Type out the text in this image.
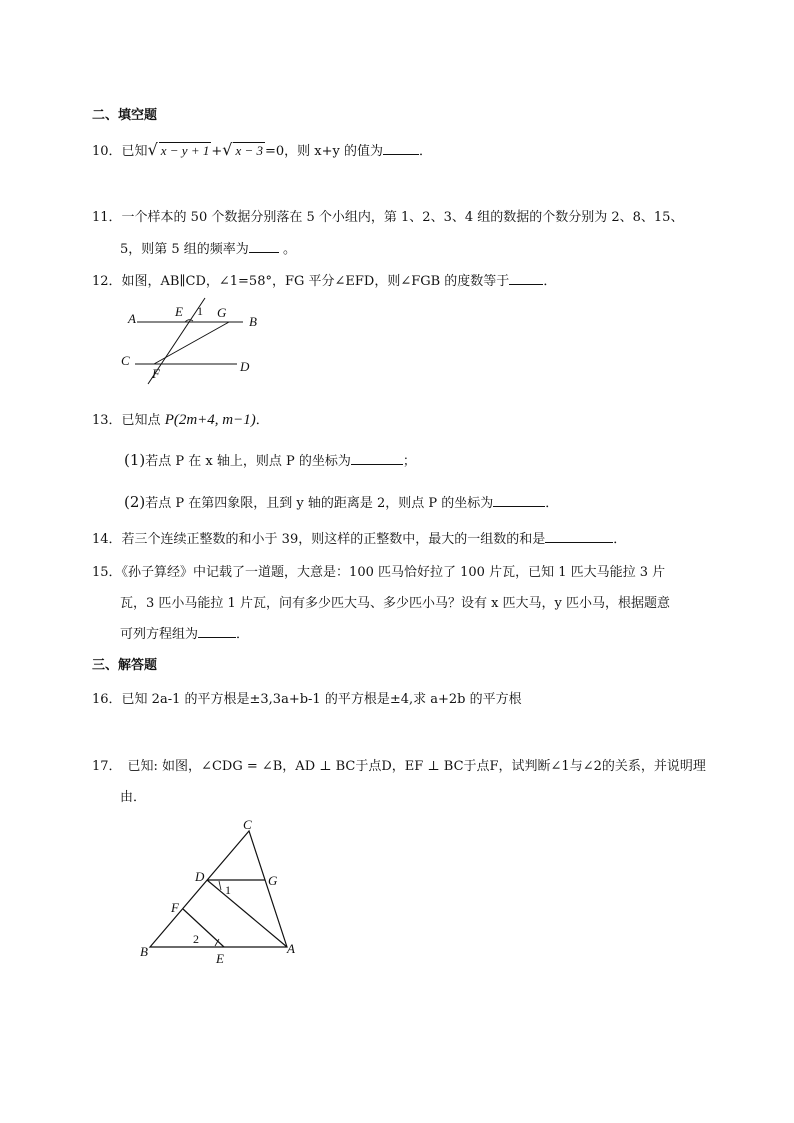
二、填空题
10．已知√ x − y + 1 +√ x − 3 =0，则 x+y 的值为	．
11．一个样本的 50 个数据分别落在 5 个小组内，第 1、2、3、4 组的数据的个数分别为 2、8、15、
5，则第 5 组的频率为 。
12．如图，AB∥CD，∠1=58°，FG 平分∠EFD，则∠FGB 的度数等于	．
A	B
C	D
E
F
G
1
13．已知点 P(2m+4, m−1)．
(1)若点 P 在 x 轴上，则点 P 的坐标为	；
(2)若点 P 在第四象限，且到 y 轴的距离是 2，则点 P 的坐标为	．
14．若三个连续正整数的和小于 39，则这样的正整数中，最大的一组数的和是	．
15．《孙子算经》中记载了一道题，大意是：100 匹马恰好拉了 100 片瓦，已知 1 匹大马能拉 3 片
瓦，3 匹小马能拉 1 片瓦，问有多少匹大马、多少匹小马？设有 x 匹大马，y 匹小马，根据题意
可列方程组为	．
三、解答题
16．已知 2a-1 的平方根是±3,3a+b-1 的平方根是±4,求 a+2b 的平方根
17． 已知: 如图，∠CDG = ∠B，AD ⊥ BC于点D，EF ⊥ BC于点F，试判断∠1与∠2的关系，并说明理
由．
C
D	G
F
B	E
A
1
2
